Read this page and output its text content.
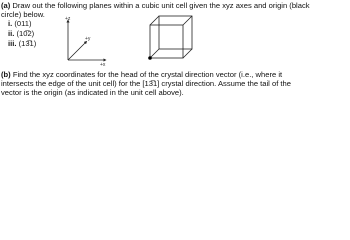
(a) Draw out the following planes within a cubic unit cell given the xyz axes and origin (black
circle) below.
i. (011)
ii. (10̅2)
iii. (13̅1)
+z
+y
+x
(b) Find the xyz coordinates for the head of the crystal direction vector (i.e., where it
intersects the edge of the unit cell) for the [13̅1] crystal direction. Assume the tail of the
vector is the origin (as indicated in the unit cell above).
